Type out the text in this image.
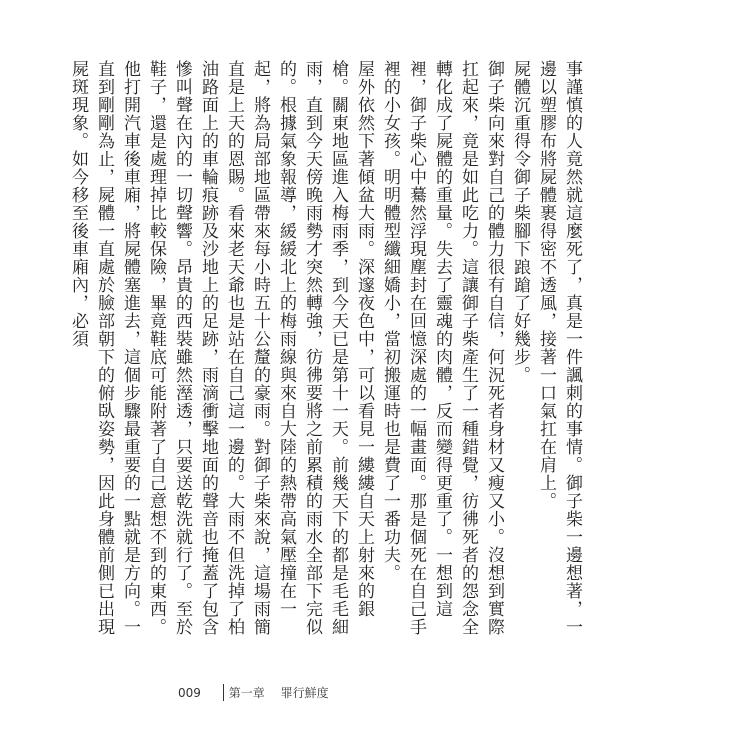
事謹慎的人竟然就這麼死了，真是一件諷刺的事情。御子柴一邊想著，一邊以塑膠布將屍體裹得密不透風，接著一口氣扛在肩上。

屍體沉重得令御子柴腳下踉蹌了好幾步。

御子柴向來對自己的體力很有自信，何況死者身材又瘦又小。沒想到實際扛起來，竟是如此吃力。這讓御子柴產生了一種錯覺，彷彿死者的怨念全轉化成了屍體的重量。失去了靈魂的肉體，反而變得更重了。一想到這裡，御子柴心中驀然浮現塵封在回憶深處的一幅畫面。那是個死在自己手裡的小女孩。明明體型纖細嬌小，當初搬運時也是費了一番功夫。

屋外依然下著傾盆大雨。深邃夜色中，可以看見一縷縷自天上射來的銀槍。關東地區進入梅雨季，到今天已是第十一天。前幾天下的都是毛毛細雨，直到今天傍晚雨勢才突然轉強，彷彿要將之前累積的雨水全部下完似的。根據氣象報導，緩緩北上的梅雨線與來自大陸的熱帶高氣壓撞在一起，將為局部地區帶來每小時五十公釐的豪雨。對御子柴來說，這場雨簡直是上天的恩賜。看來老天爺也是站在自己這一邊的。大雨不但洗掉了柏油路面上的車輪痕跡及沙地上的足跡，雨滴衝擊地面的聲音也掩蓋了包含慘叫聲在內的一切聲響。昂貴的西裝雖然溼透，只要送乾洗就行了。至於鞋子，還是處理掉比較保險，畢竟鞋底可能附著了自己意想不到的東西。

他打開汽車後車廂，將屍體塞進去，這個步驟最重要的一點就是方向。一直到剛剛為止，屍體一直處於臉部朝下的俯臥姿勢，因此身體前側已出現屍斑現象。如今移至後車廂內，必須

009 第一章 罪行鮮度
